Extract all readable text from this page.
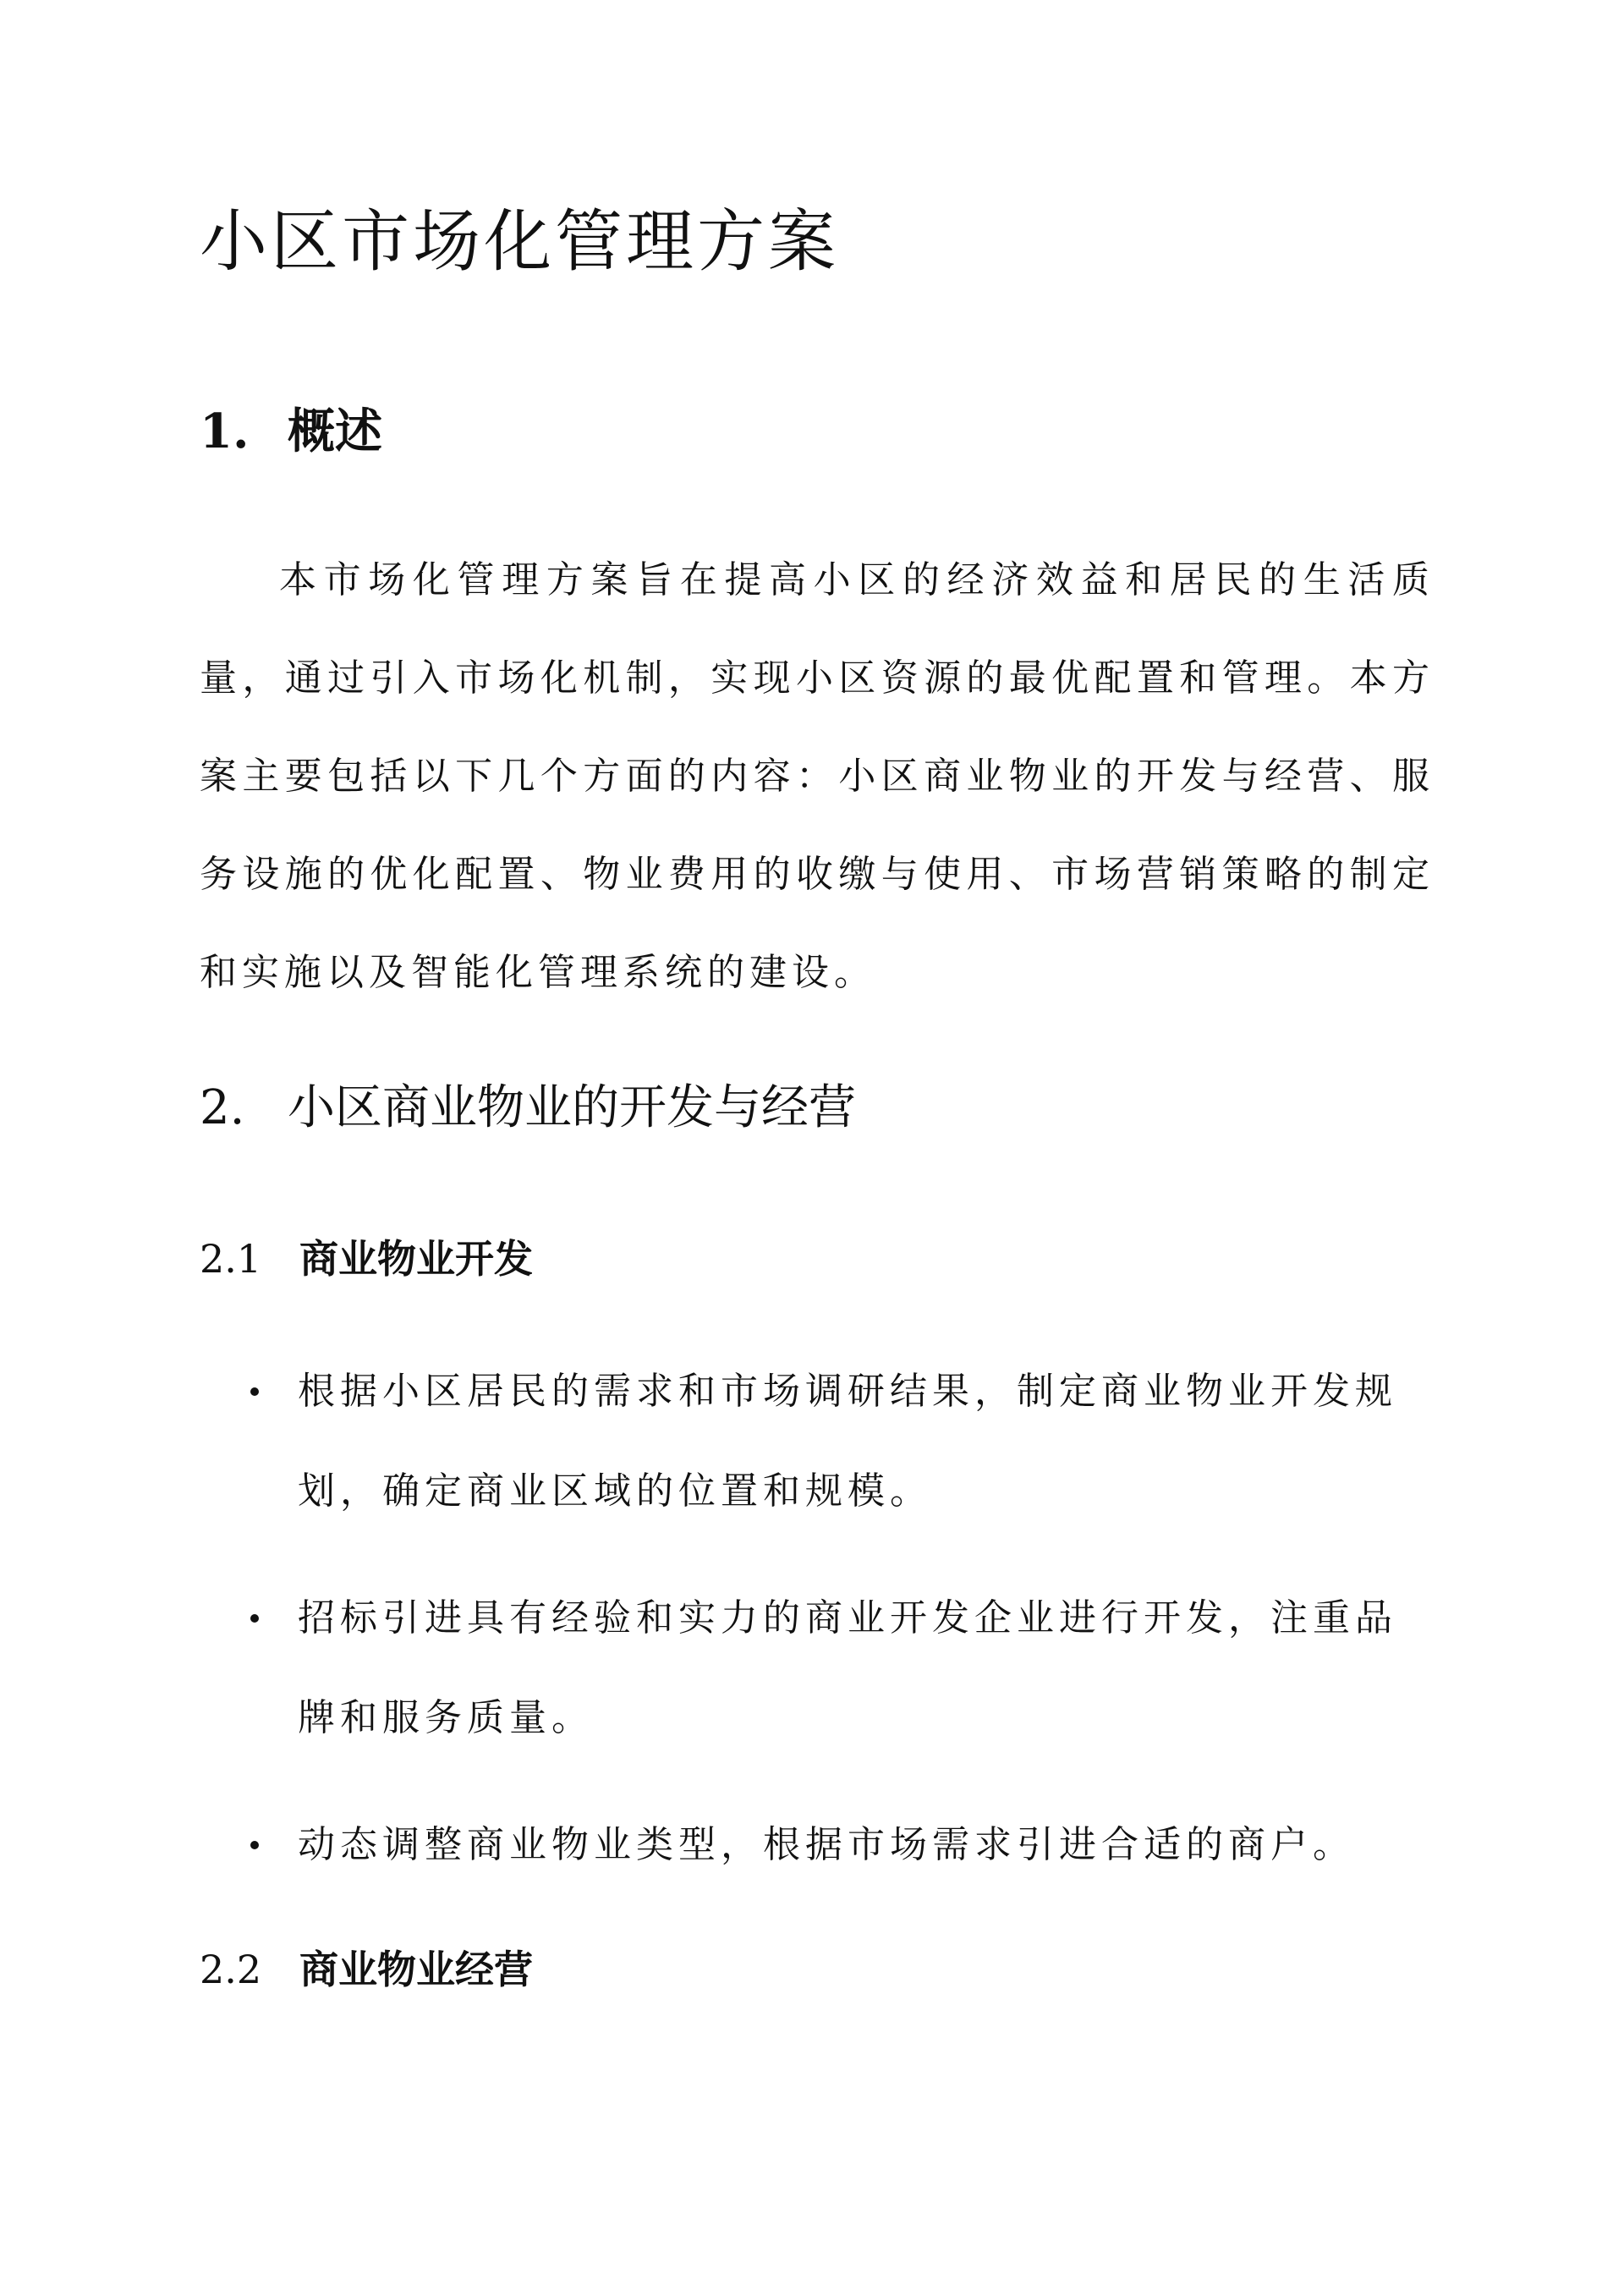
小区市场化管理方案
1. 概述

本市场化管理方案旨在提高小区的经济效益和居民的生活质量，通过引入市场化机制，实现小区资源的最优配置和管理。本方案主要包括以下几个方面的内容：小区商业物业的开发与经营、服务设施的优化配置、物业费用的收缴与使用、市场营销策略的制定和实施以及智能化管理系统的建设。

2. 小区商业物业的开发与经营
2.1 商业物业开发
根据小区居民的需求和市场调研结果，制定商业物业开发规划，确定商业区域的位置和规模。
招标引进具有经验和实力的商业开发企业进行开发，注重品牌和服务质量。
动态调整商业物业类型，根据市场需求引进合适的商户。
2.2 商业物业经营
